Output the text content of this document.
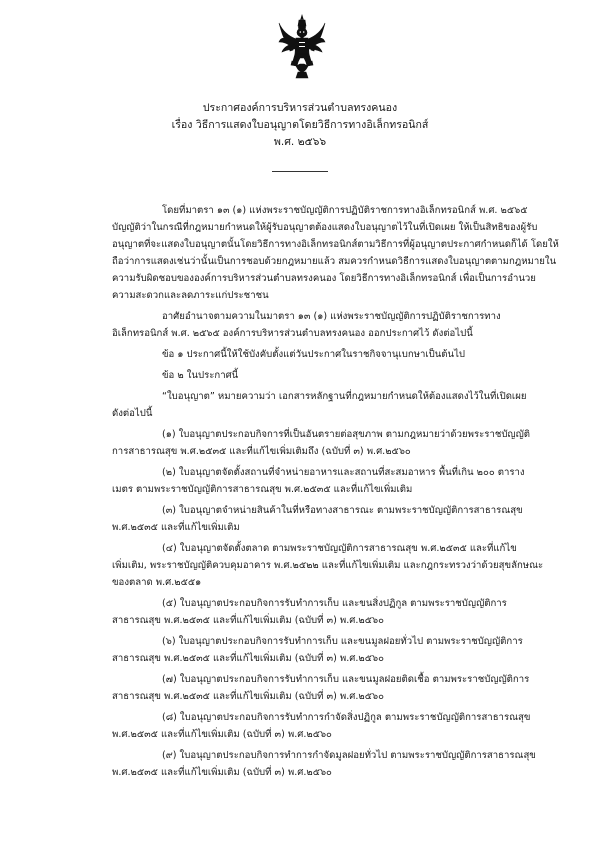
ประกาศองค์การบริหารส่วนตำบลทรงคนอง
เรื่อง วิธีการแสดงใบอนุญาตโดยวิธีการทางอิเล็กทรอนิกส์
พ.ศ. ๒๕๖๖
โดยที่มาตรา ๑๓ (๑) แห่งพระราชบัญญัติการปฏิบัติราชการทางอิเล็กทรอนิกส์ พ.ศ. ๒๕๖๕
บัญญัติว่าในกรณีที่กฎหมายกำหนดให้ผู้รับอนุญาตต้องแสดงใบอนุญาตไว้ในที่เปิดเผย ให้เป็นสิทธิของผู้รับ
อนุญาตที่จะแสดงใบอนุญาตนั้นโดยวิธีการทางอิเล็กทรอนิกส์ตามวิธีการที่ผู้อนุญาตประกาศกำหนดก็ได้ โดยให้
ถือว่าการแสดงเช่นว่านั้นเป็นการชอบด้วยกฎหมายแล้ว สมควรกำหนดวิธีการแสดงใบอนุญาตตามกฎหมายใน
ความรับผิดชอบขององค์การบริหารส่วนตำบลทรงคนอง โดยวิธีการทางอิเล็กทรอนิกส์ เพื่อเป็นการอำนวย
ความสะดวกและลดภาระแก่ประชาชน
อาศัยอำนาจตามความในมาตรา ๑๓ (๑) แห่งพระราชบัญญัติการปฏิบัติราชการทาง
อิเล็กทรอนิกส์ พ.ศ. ๒๕๖๕ องค์การบริหารส่วนตำบลทรงคนอง ออกประกาศไว้ ดังต่อไปนี้
ข้อ ๑ ประกาศนี้ให้ใช้บังคับตั้งแต่วันประกาศในราชกิจจานุเบกษาเป็นต้นไป
ข้อ ๒ ในประกาศนี้
“ใบอนุญาต” หมายความว่า เอกสารหลักฐานที่กฎหมายกำหนดให้ต้องแสดงไว้ในที่เปิดเผย
ดังต่อไปนี้
(๑) ใบอนุญาตประกอบกิจการที่เป็นอันตรายต่อสุขภาพ ตามกฎหมายว่าด้วยพระราชบัญญัติ
การสาธารณสุข พ.ศ.๒๕๓๕ และที่แก้ไขเพิ่มเติมถึง (ฉบับที่ ๓) พ.ศ.๒๕๖๐
(๒) ใบอนุญาตจัดตั้งสถานที่จำหน่ายอาหารและสถานที่สะสมอาหาร พื้นที่เกิน ๒๐๐ ตาราง
เมตร ตามพระราชบัญญัติการสาธารณสุข พ.ศ.๒๕๓๕ และที่แก้ไขเพิ่มเติม
(๓) ใบอนุญาตจำหน่ายสินค้าในที่หรือทางสาธารณะ ตามพระราชบัญญัติการสาธารณสุข
พ.ศ.๒๕๓๕ และที่แก้ไขเพิ่มเติม
(๔) ใบอนุญาตจัดตั้งตลาด ตามพระราชบัญญัติการสาธารณสุข พ.ศ.๒๕๓๕ และที่แก้ไข
เพิ่มเติม, พระราชบัญญัติควบคุมอาคาร พ.ศ.๒๕๒๒ และที่แก้ไขเพิ่มเติม และกฎกระทรวงว่าด้วยสุขลักษณะ
ของตลาด พ.ศ.๒๕๕๑
(๕) ใบอนุญาตประกอบกิจการรับทำการเก็บ และขนสิ่งปฏิกูล ตามพระราชบัญญัติการ
สาธารณสุข พ.ศ.๒๕๓๕ และที่แก้ไขเพิ่มเติม (ฉบับที่ ๓) พ.ศ.๒๕๖๐
(๖) ใบอนุญาตประกอบกิจการรับทำการเก็บ และขนมูลฝอยทั่วไป ตามพระราชบัญญัติการ
สาธารณสุข พ.ศ.๒๕๓๕ และที่แก้ไขเพิ่มเติม (ฉบับที่ ๓) พ.ศ.๒๕๖๐
(๗) ใบอนุญาตประกอบกิจการรับทำการเก็บ และขนมูลฝอยติดเชื้อ ตามพระราชบัญญัติการ
สาธารณสุข พ.ศ.๒๕๓๕ และที่แก้ไขเพิ่มเติม (ฉบับที่ ๓) พ.ศ.๒๕๖๐
(๘) ใบอนุญาตประกอบกิจการรับทำการกำจัดสิ่งปฏิกูล ตามพระราชบัญญัติการสาธารณสุข
พ.ศ.๒๕๓๕ และที่แก้ไขเพิ่มเติม (ฉบับที่ ๓) พ.ศ.๒๕๖๐
(๙) ใบอนุญาตประกอบกิจการทำการกำจัดมูลฝอยทั่วไป ตามพระราชบัญญัติการสาธารณสุข
พ.ศ.๒๕๓๕ และที่แก้ไขเพิ่มเติม (ฉบับที่ ๓) พ.ศ.๒๕๖๐
